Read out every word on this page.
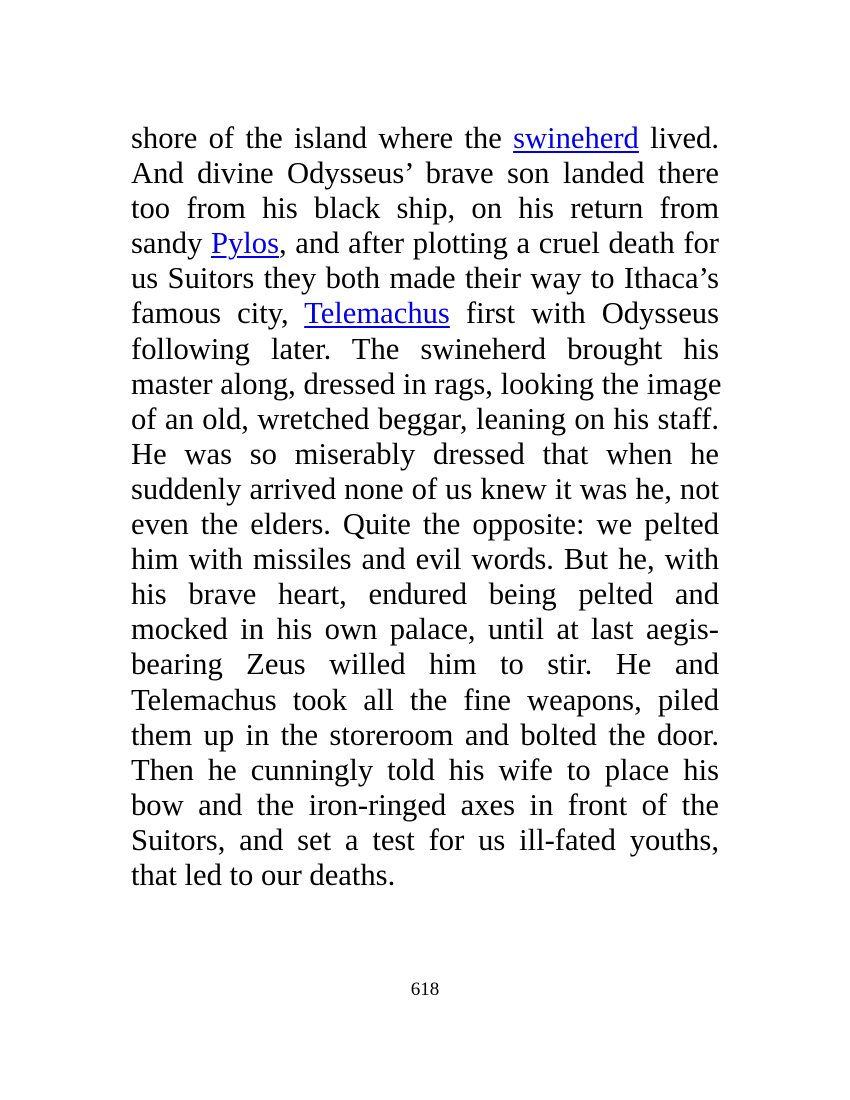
shore of the island where the swineherd lived.
And divine Odysseus’ brave son landed there
too from his black ship, on his return from
sandy Pylos, and after plotting a cruel death for
us Suitors they both made their way to Ithaca’s
famous city, Telemachus first with Odysseus
following later. The swineherd brought his
master along, dressed in rags, looking the image
of an old, wretched beggar, leaning on his staff.
He was so miserably dressed that when he
suddenly arrived none of us knew it was he, not
even the elders. Quite the opposite: we pelted
him with missiles and evil words. But he, with
his brave heart, endured being pelted and
mocked in his own palace, until at last aegis-
bearing Zeus willed him to stir. He and
Telemachus took all the fine weapons, piled
them up in the storeroom and bolted the door.
Then he cunningly told his wife to place his
bow and the iron-ringed axes in front of the
Suitors, and set a test for us ill-fated youths,
that led to our deaths.
618
